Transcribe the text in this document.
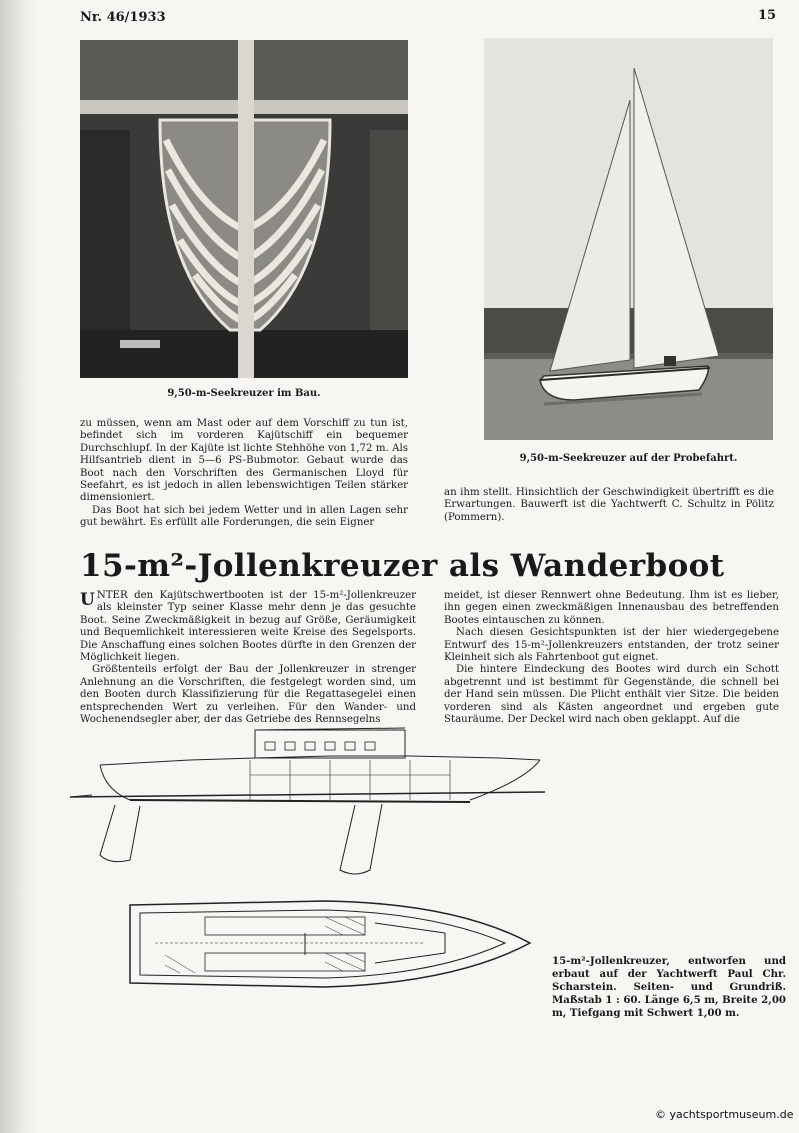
Nr. 46/1933	15
9,50-m-Seekreuzer im Bau.
9,50-m-Seekreuzer auf der Probefahrt.

zu müssen, wenn am Mast oder auf dem Vorschiff zu tun ist, befindet sich im vorderen Kajütschiff ein bequemer Durchschlupf. In der Kajüte ist lichte Stehhöhe von 1,72 m. Als Hilfsantrieb dient in 5—6 PS-Bubmotor. Gebaut wurde das Boot nach den Vorschriften des Germanischen Lloyd für Seefahrt, es ist jedoch in allen lebenswichtigen Teilen stärker dimensioniert.

Das Boot hat sich bei jedem Wetter und in allen Lagen sehr gut bewährt. Es erfüllt alle Forderungen, die sein Eigner

an ihm stellt. Hinsichtlich der Geschwindigkeit übertrifft es die Erwartungen. Bauwerft ist die Yachtwerft C. Schultz in Pölitz (Pommern).

15-m²-Jollenkreuzer als Wanderboot

UNTER den Kajütschwertbooten ist der 15-m²-Jollenkreuzer als kleinster Typ seiner Klasse mehr denn je das gesuchte Boot. Seine Zweckmäßigkeit in bezug auf Größe, Geräumigkeit und Bequemlichkeit interessieren weite Kreise des Segelsports. Die Anschaffung eines solchen Bootes dürfte in den Grenzen der Möglichkeit liegen.

Größtenteils erfolgt der Bau der Jollenkreuzer in strenger Anlehnung an die Vorschriften, die festgelegt worden sind, um den Booten durch Klassifizierung für die Regattasegelei einen entsprechenden Wert zu verleihen. Für den Wander- und Wochenendsegler aber, der das Getriebe des Rennsegelns

meidet, ist dieser Rennwert ohne Bedeutung. Ihm ist es lieber, ihn gegen einen zweckmäßigen Innenausbau des betreffenden Bootes eintauschen zu können.

Nach diesen Gesichtspunkten ist der hier wiedergegebene Entwurf des 15-m²-Jollenkreuzers entstanden, der trotz seiner Kleinheit sich als Fahrtenboot gut eignet.

Die hintere Eindeckung des Bootes wird durch ein Schott abgetrennt und ist bestimmt für Gegenstände, die schnell bei der Hand sein müssen. Die Plicht enthält vier Sitze. Die beiden vorderen sind als Kästen angeordnet und ergeben gute Stauräume. Der Deckel wird nach oben geklappt. Auf die

15-m²-Jollenkreuzer, entworfen und erbaut auf der Yachtwerft Paul Chr. Scharstein. Seiten- und Grundriß. Maßstab 1 : 60. Länge 6,5 m, Breite 2,00 m, Tiefgang mit Schwert 1,00 m.
© yachtsportmuseum.de
